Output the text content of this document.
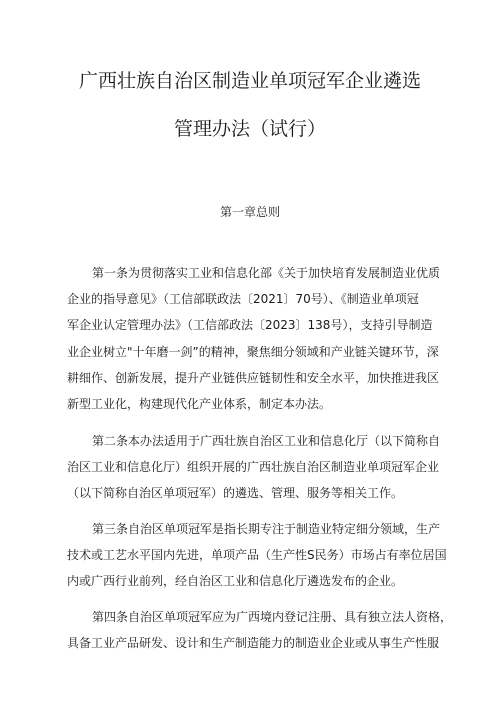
广西壮族自治区制造业单项冠军企业遴选
管理办法（试行）
第一章总则
第一条为贯彻落实工业和信息化部《关于加快培育发展制造业优质
企业的指导意见》（工信部联政法〔2021〕70号）、《制造业单项冠
军企业认定管理办法》（工信部政法〔2023〕138号），支持引导制造
业企业树立"十年磨一剑”的精神，聚焦细分领域和产业链关键环节，深
耕细作、创新发展，提升产业链供应链韧性和安全水平，加快推进我区
新型工业化，构建现代化产业体系，制定本办法。
第二条本办法适用于广西壮族自治区工业和信息化厅（以下简称自
治区工业和信息化厅）组织开展的广西壮族自治区制造业单项冠军企业
（以下简称自治区单项冠军）的遴选、管理、服务等相关工作。
第三条自治区单项冠军是指长期专注于制造业特定细分领域，生产
技术或工艺水平国内先进，单项产品（生产性S民务）市场占有率位居国
内或广西行业前列，经自治区工业和信息化厅遴选发布的企业。
第四条自治区单项冠军应为广西境内登记注册、具有独立法人资格，
具备工业产品研发、设计和生产制造能力的制造业企业或从事生产性服
